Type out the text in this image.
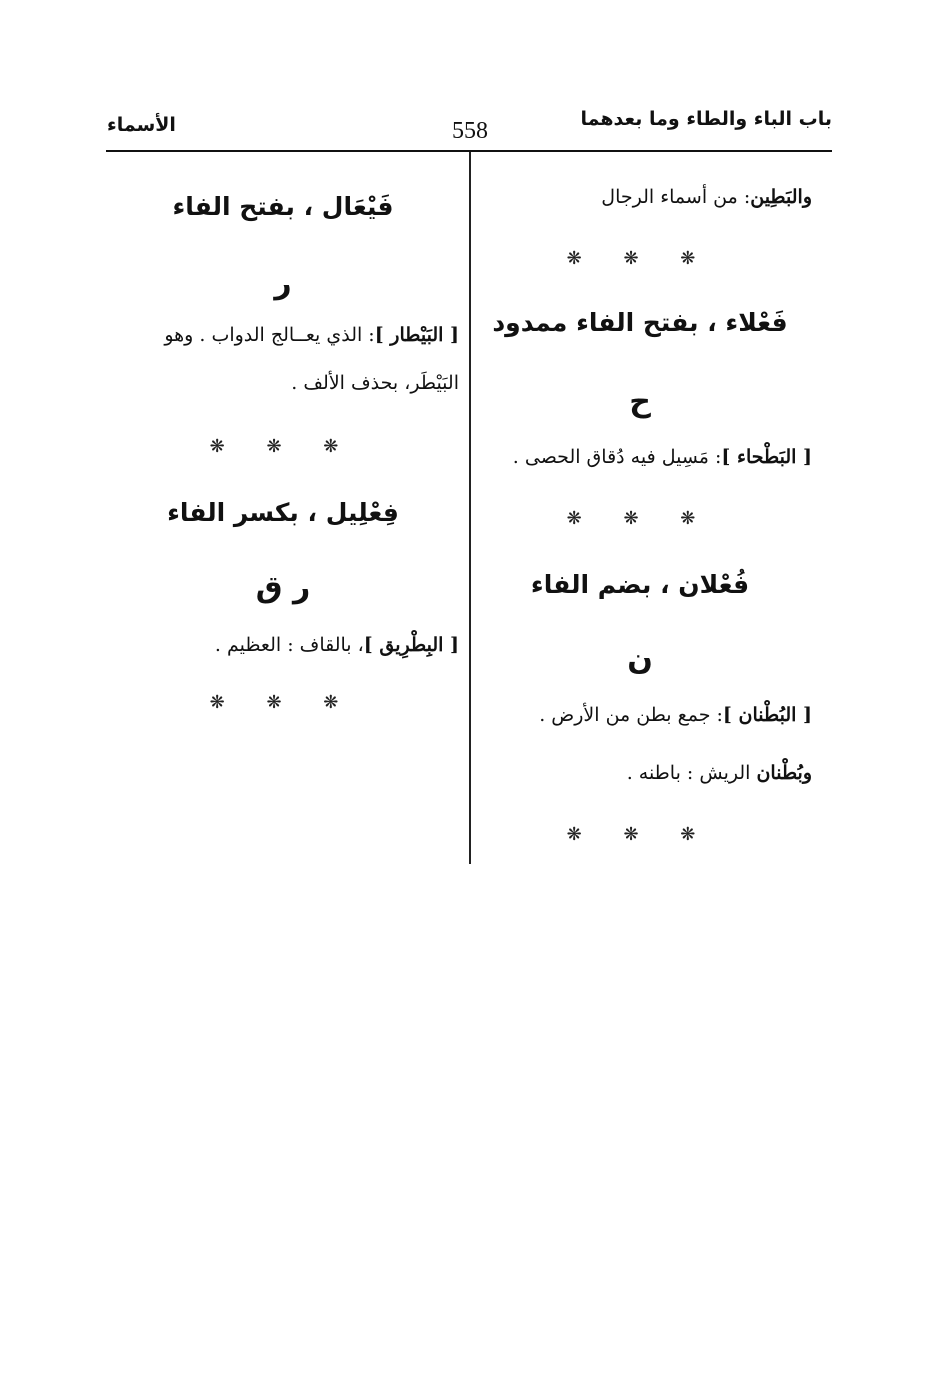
باب الباء والطاء وما بعدهما
558
الأسماء
والبَطِين: من أسماء الرجال
❋ ❋ ❋
فَعْلاء ، بفتح الفاء ممدود
ح
[ البَطْحاء ]: مَسِيل فيه دُقاق الحصى .
❋ ❋ ❋
فُعْلان ، بضم الفاء
ن
[ البُطْنان ]: جمع بطن من الأرض .
وبُطْنان الريش : باطنه .
❋ ❋ ❋
فَيْعَال ، بفتح الفاء
ر
[ البَيْطار ]: الذي يعــالج الدواب . وهو
البَيْطَر، بحذف الألف .
❋ ❋ ❋
فِعْلِيل ، بكسر الفاء
ر ق
[ البِطْرِيق ]، بالقاف : العظيم .
❋ ❋ ❋
